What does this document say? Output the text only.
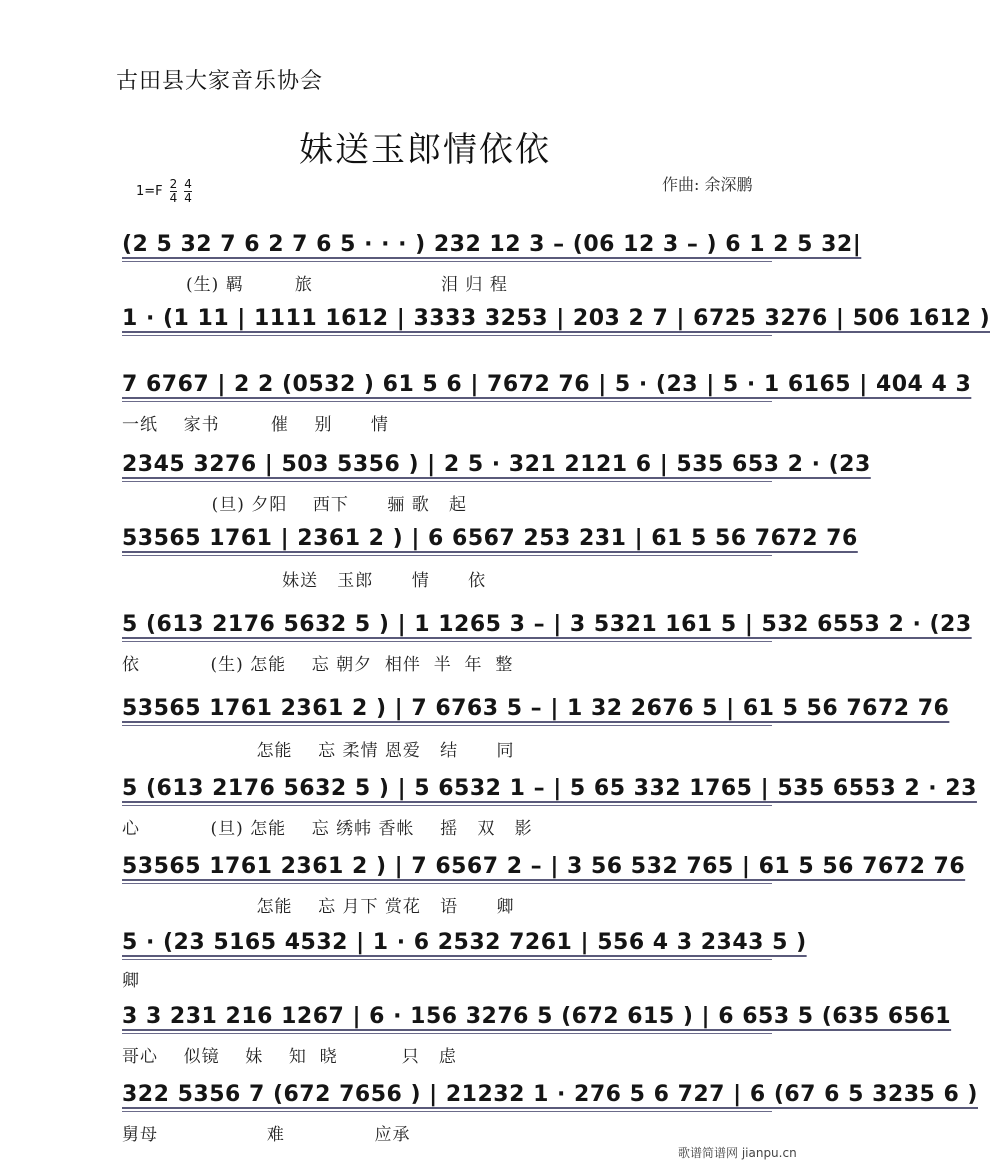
古田县大家音乐协会
妹送玉郎情依依
作曲: 余深鹏
1=F 2
4
4
4
(2 5 32 7 6 2 7 6 5 · · · ) 232 12 3 – (06 12 3 – ) 6 1 2 5 32|
(生) 羁        旅                    泪 归 程
1 · (1 11 | 1111 1612 | 3333 3253 | 203 2 7 | 6725 3276 | 506 1612 )
7 6767 | 2 2 (0532 ) 61 5 6 | 7672 76 | 5 · (23 | 5 · 1 6165 | 404 4 3
一纸    家书        催    别      情
2345 3276 | 503 5356 ) | 2 5 · 321 2121 6 | 535 653 2 · (23
(旦) 夕阳    西下      骊 歌   起
53565 1761 | 2361 2 ) | 6 6567 253 231 | 61 5 56 7672 76
妹送   玉郎      情      依
5 (613 2176 5632 5 ) | 1 1265 3 – | 3 5321 161 5 | 532 6553 2 · (23
依           (生) 怎能    忘 朝夕  相伴  半  年  整
53565 1761 2361 2 ) | 7 6763 5 – | 1 32 2676 5 | 61 5 56 7672 76
怎能    忘 柔情 恩爱   结      同
5 (613 2176 5632 5 ) | 5 6532 1 – | 5 65 332 1765 | 535 6553 2 · 23
心           (旦) 怎能    忘 绣帏 香帐    摇   双   影
53565 1761 2361 2 ) | 7 6567 2 – | 3 56 532 765 | 61 5 56 7672 76
怎能    忘 月下 赏花   语      卿
5 · (23 5165 4532 | 1 · 6 2532 7261 | 556 4 3 2343 5 )
卿
3 3 231 216 1267 | 6 · 156 3276 5 (672 615 ) | 6 653 5 (635 6561
哥心    似镜    妹    知  晓          只   虑
322 5356 7 (672 7656 ) | 21232 1 · 276 5 6 727 | 6 (67 6 5 3235 6 )
舅母                 难              应承
歌谱简谱网 jianpu.cn
